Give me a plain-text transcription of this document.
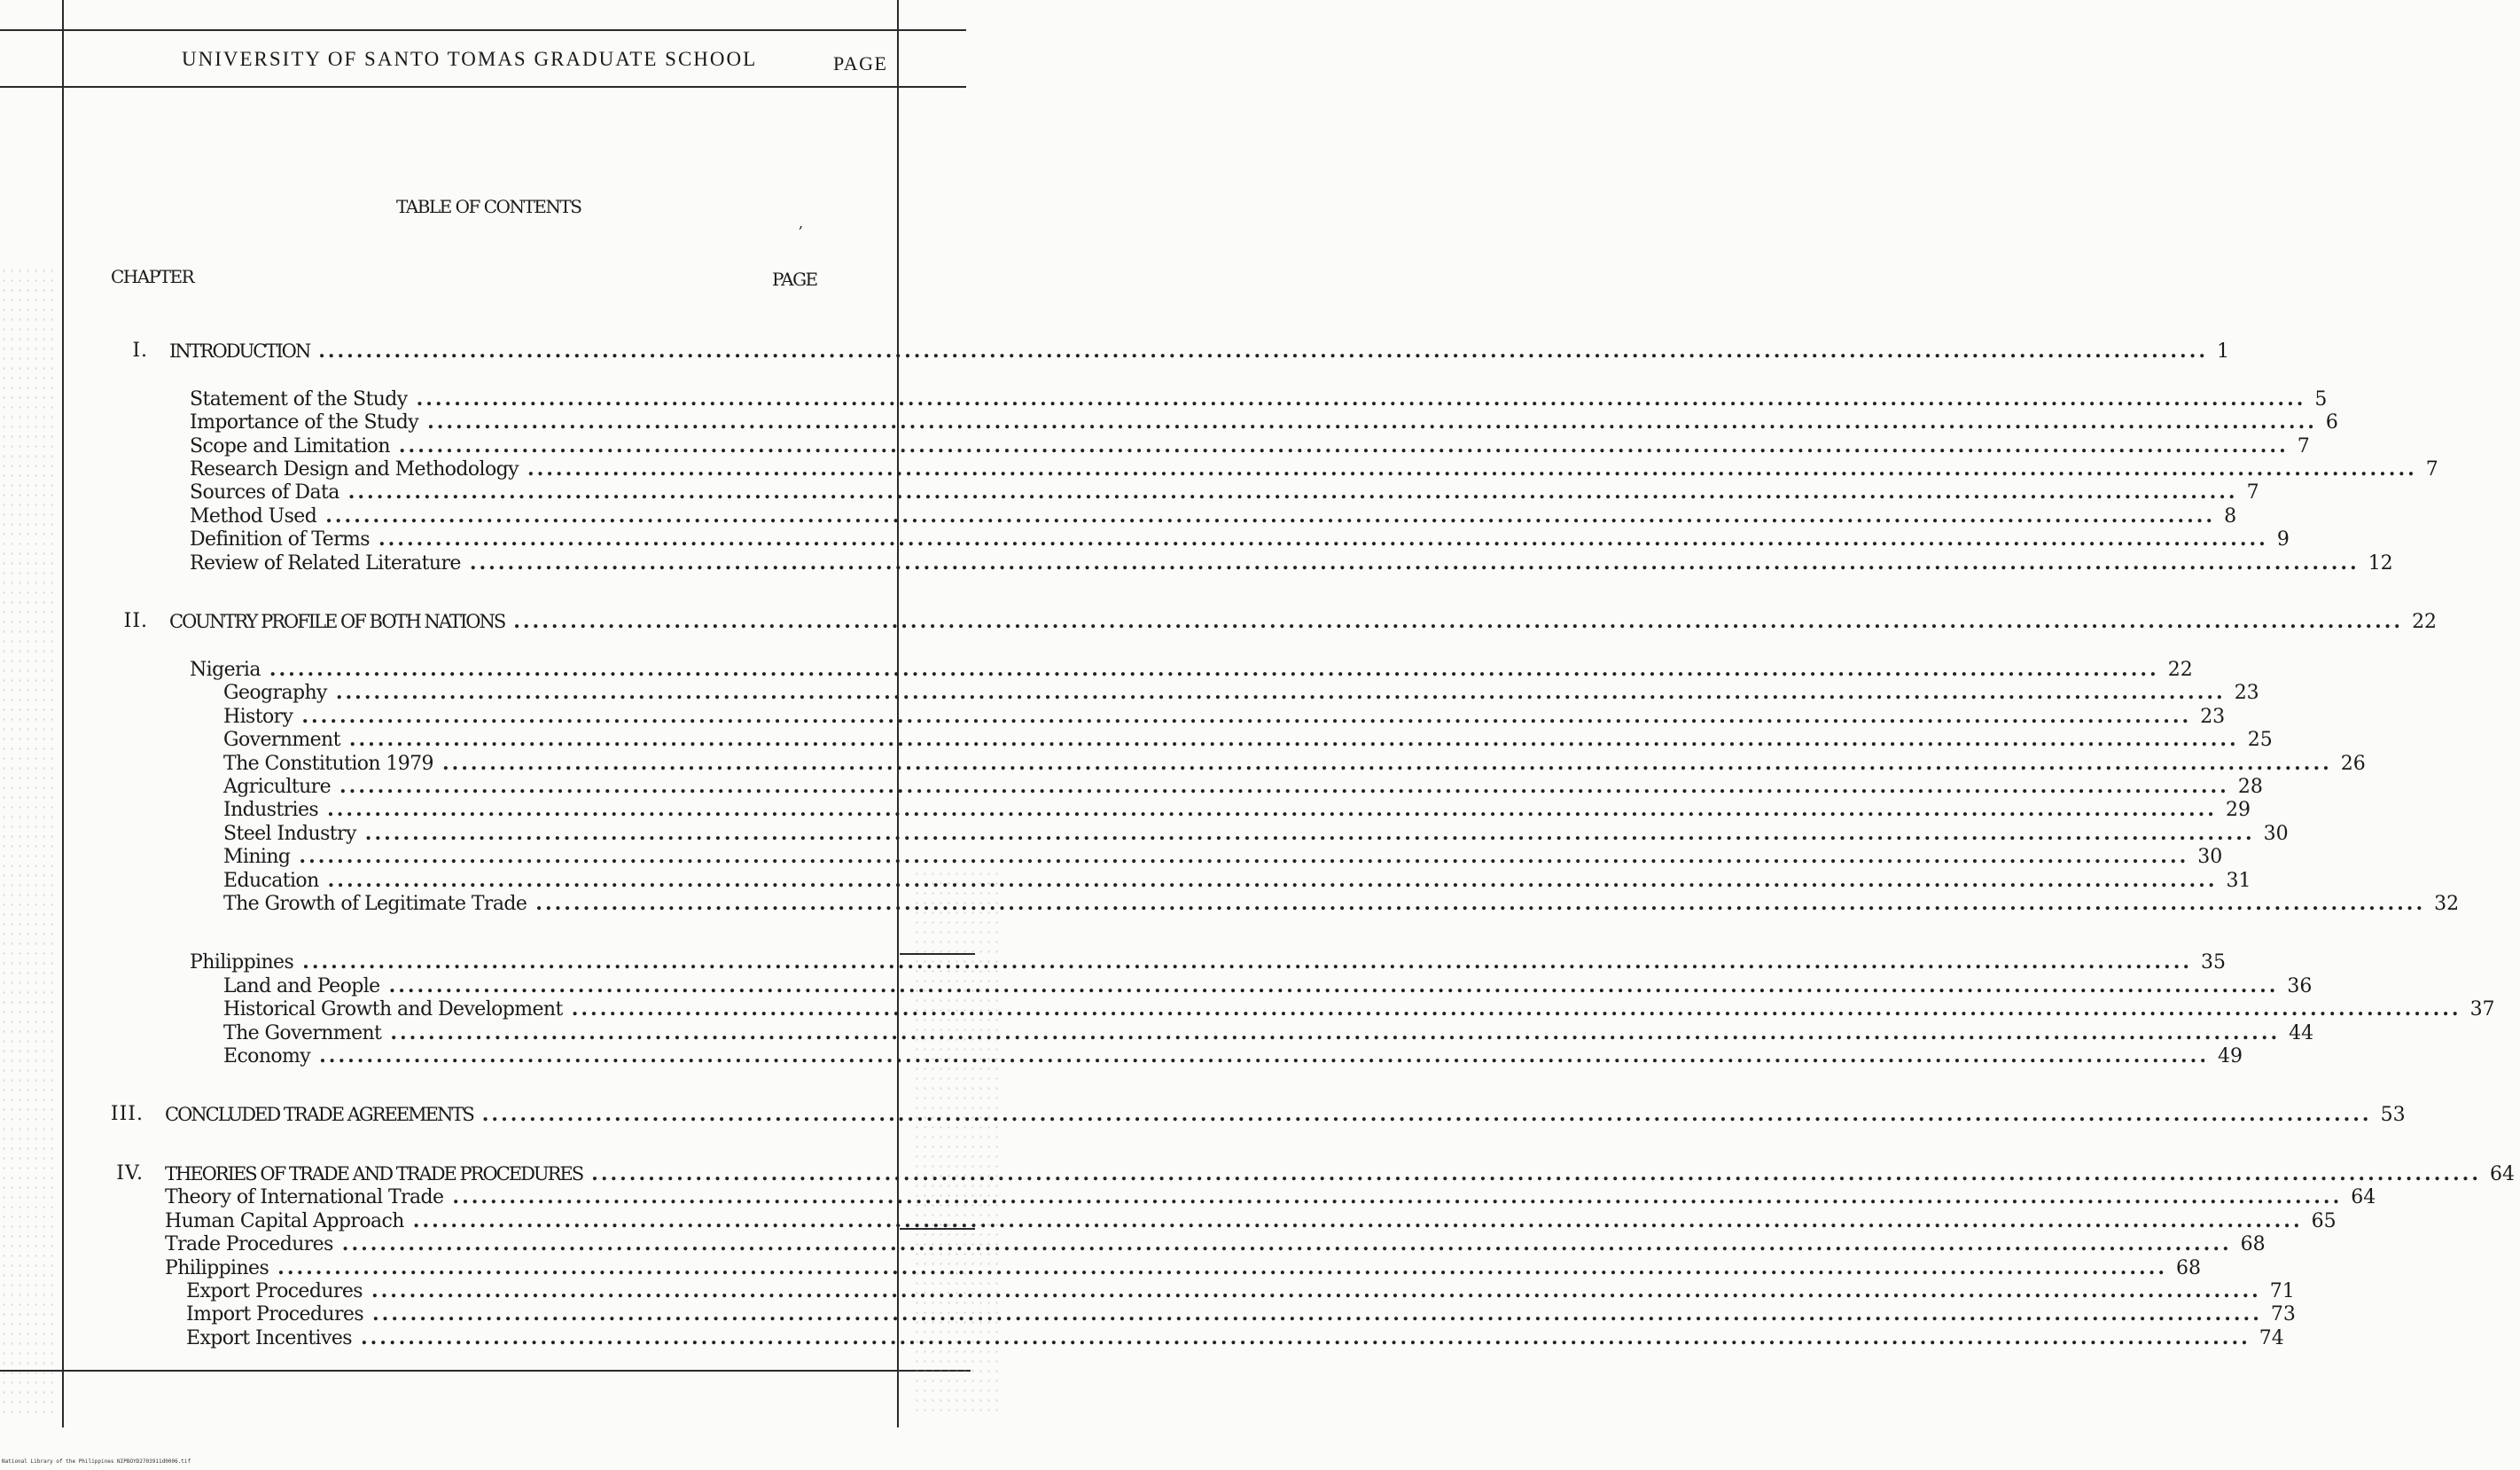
UNIVERSITY OF SANTO TOMAS GRADUATE SCHOOL	PAGE
TABLE OF CONTENTS
,
CHAPTER	PAGE
I. INTRODUCTION ........................................................................................................................................................................................................ 1
Statement of the Study ........................................................................................................................................................................................................ 5
Importance of the Study ........................................................................................................................................................................................................ 6
Scope and Limitation ........................................................................................................................................................................................................ 7
Research Design and Methodology ........................................................................................................................................................................................................ 7
Sources of Data ........................................................................................................................................................................................................ 7
Method Used ........................................................................................................................................................................................................ 8
Definition of Terms ........................................................................................................................................................................................................ 9
Review of Related Literature ........................................................................................................................................................................................................ 12
II. COUNTRY PROFILE OF BOTH NATIONS ........................................................................................................................................................................................................ 22
Nigeria ........................................................................................................................................................................................................ 22
Geography ........................................................................................................................................................................................................ 23
History ........................................................................................................................................................................................................ 23
Government ........................................................................................................................................................................................................ 25
The Constitution 1979 ........................................................................................................................................................................................................ 26
Agriculture ........................................................................................................................................................................................................ 28
Industries ........................................................................................................................................................................................................ 29
Steel Industry ........................................................................................................................................................................................................ 30
Mining ........................................................................................................................................................................................................ 30
Education ........................................................................................................................................................................................................ 31
The Growth of Legitimate Trade ........................................................................................................................................................................................................ 32
Philippines ........................................................................................................................................................................................................ 35
Land and People ........................................................................................................................................................................................................ 36
Historical Growth and Development ........................................................................................................................................................................................................ 37
The Government ........................................................................................................................................................................................................ 44
Economy ........................................................................................................................................................................................................ 49
III. CONCLUDED TRADE AGREEMENTS ........................................................................................................................................................................................................ 53
IV. THEORIES OF TRADE AND TRADE PROCEDURES ........................................................................................................................................................................................................ 64
Theory of International Trade ........................................................................................................................................................................................................ 64
Human Capital Approach ........................................................................................................................................................................................................ 65
Trade Procedures ........................................................................................................................................................................................................ 68
Philippines ........................................................................................................................................................................................................ 68
Export Procedures ........................................................................................................................................................................................................ 71
Import Procedures ........................................................................................................................................................................................................ 73
Export Incentives ........................................................................................................................................................................................................ 74
National Library of the Philippines NIPBOYD2703911d0006.tif
